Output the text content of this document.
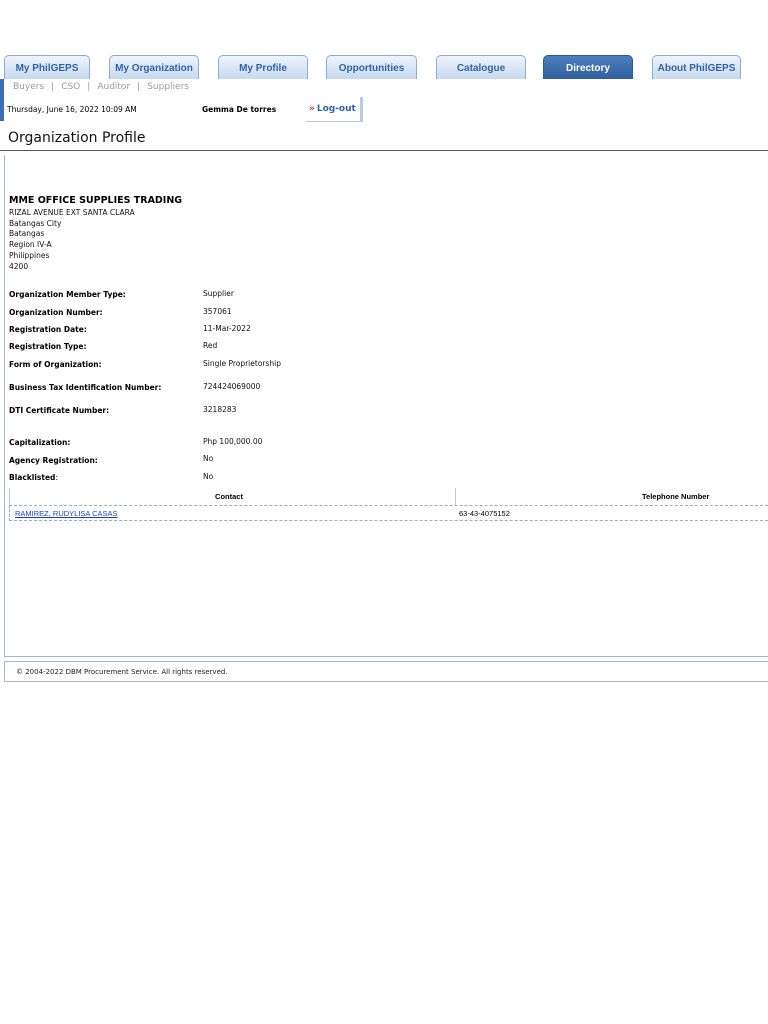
My PhilGEPS	My Organization	My Profile	Opportunities	Catalogue	Directory	About PhilGEPS
Buyers | CSO | Auditor | Suppliers
Thursday, June 16, 2022 10:09 AM	Gemma De torres	» Log-out
Organization Profile
MME OFFICE SUPPLIES TRADING
RIZAL AVENUE EXT SANTA CLARA
Batangas City
Batangas
Region IV-A
Philippines
4200
Organization Member Type:	Supplier
Organization Number:	357061
Registration Date:	11-Mar-2022
Registration Type:	Red
Form of Organization:	Single Proprietorship
Business Tax Identification Number:	724424069000
DTI Certificate Number:	3218283
Capitalization:	Php 100,000.00
Agency Registration:	No
Blacklisted:	No
Contact	Telephone Number
RAMIREZ, RUDYLISA CASAS	63-43-4075152
© 2004-2022 DBM Procurement Service. All rights reserved.
